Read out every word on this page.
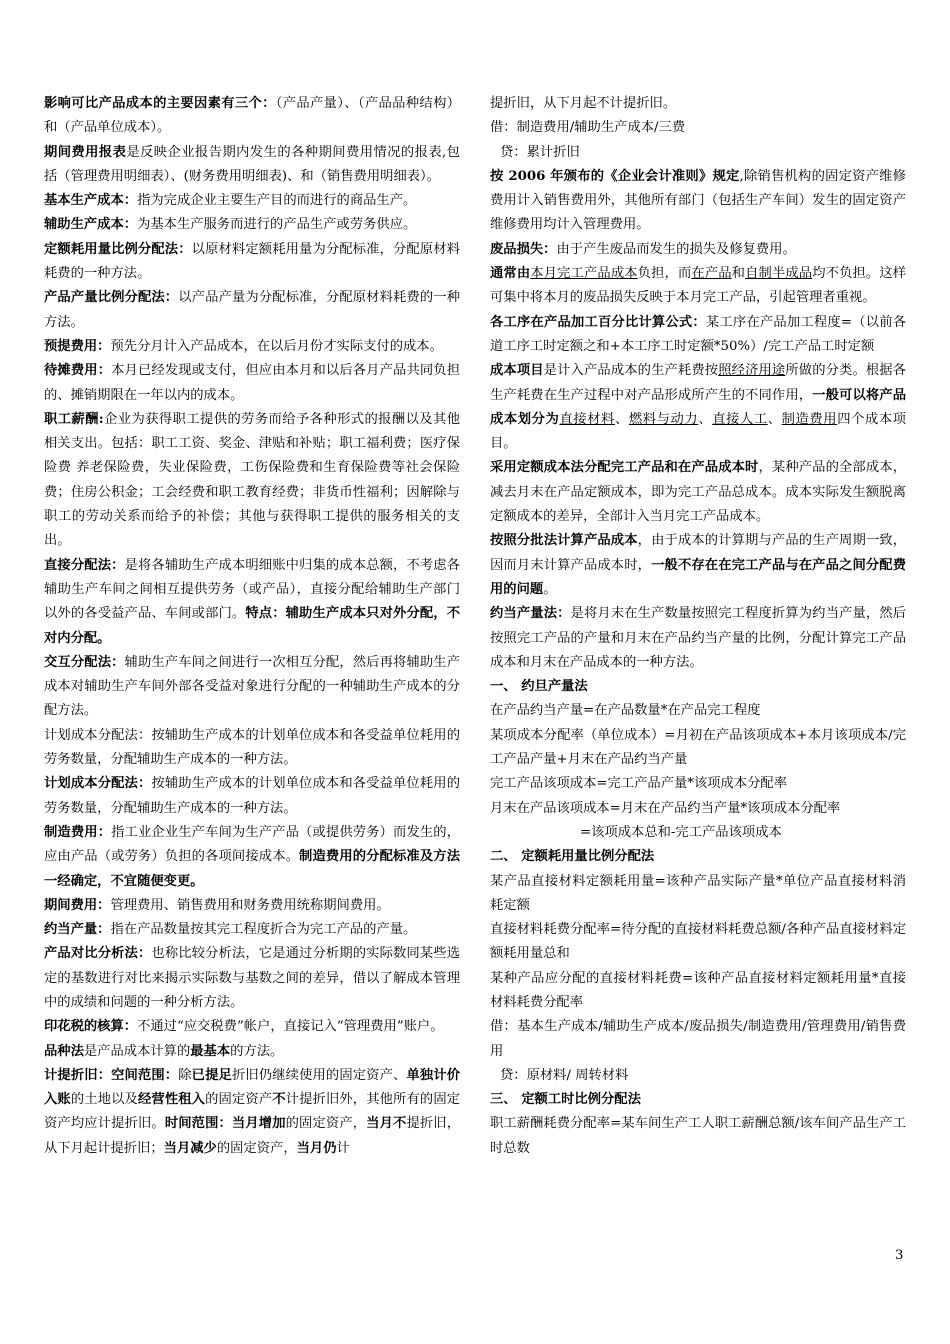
影响可比产品成本的主要因素有三个：（产品产量）、（产品品种结构）和（产品单位成本）。

期间费用报表是反映企业报告期内发生的各种期间费用情况的报表,包括（管理费用明细表）、(财务费用明细表)、和（销售费用明细表）。

基本生产成本：指为完成企业主要生产目的而进行的商品生产。

辅助生产成本：为基本生产服务而进行的产品生产或劳务供应。

定额耗用量比例分配法：以原材料定额耗用量为分配标准，分配原材料耗费的一种方法。

产品产量比例分配法：以产品产量为分配标准，分配原材料耗费的一种方法。

预提费用：预先分月计入产品成本，在以后月份才实际支付的成本。

待摊费用：本月已经发现或支付，但应由本月和以后各月产品共同负担的、摊销期限在一年以内的成本。

职工薪酬:企业为获得职工提供的劳务而给予各种形式的报酬以及其他相关支出。包括：职工工资、奖金、津贴和补贴；职工福利费；医疗保险费 养老保险费，失业保险费，工伤保险费和生育保险费等社会保险费；住房公积金；工会经费和职工教育经费；非货币性福利；因解除与职工的劳动关系而给予的补偿；其他与获得职工提供的服务相关的支出。

直接分配法：是将各辅助生产成本明细账中归集的成本总额，不考虑各辅助生产车间之间相互提供劳务（或产品），直接分配给辅助生产部门以外的各受益产品、车间或部门。特点：辅助生产成本只对外分配，不对内分配。

交互分配法：辅助生产车间之间进行一次相互分配，然后再将辅助生产成本对辅助生产车间外部各受益对象进行分配的一种辅助生产成本的分配方法。

计划成本分配法：按辅助生产成本的计划单位成本和各受益单位耗用的劳务数量，分配辅助生产成本的一种方法。

计划成本分配法：按辅助生产成本的计划单位成本和各受益单位耗用的劳务数量，分配辅助生产成本的一种方法。

制造费用：指工业企业生产车间为生产产品（或提供劳务）而发生的，应由产品（或劳务）负担的各项间接成本。制造费用的分配标准及方法一经确定，不宜随便变更。

期间费用：管理费用、销售费用和财务费用统称期间费用。

约当产量：指在产品数量按其完工程度折合为完工产品的产量。

产品对比分析法：也称比较分析法，它是通过分析期的实际数同某些选定的基数进行对比来揭示实际数与基数之间的差异，借以了解成本管理中的成绩和问题的一种分析方法。

印花税的核算：不通过“应交税费”帐户，直接记入“管理费用”账户。

品种法是产品成本计算的最基本的方法。

计提折旧：空间范围：除已提足折旧仍继续使用的固定资产、单独计价入账的土地以及经营性租入的固定资产不计提折旧外，其他所有的固定资产均应计提折旧。时间范围：当月增加的固定资产，当月不提折旧，从下月起计提折旧；当月减少的固定资产，当月仍计

提折旧，从下月起不计提折旧。

借：制造费用/辅助生产成本/三费

贷：累计折旧

按 2006 年颁布的《企业会计准则》规定,除销售机构的固定资产维修费用计入销售费用外，其他所有部门（包括生产车间）发生的固定资产维修费用均计入管理费用。

废品损失：由于产生废品而发生的损失及修复费用。

通常由本月完工产品成本负担，而在产品和自制半成品均不负担。这样可集中将本月的废品损失反映于本月完工产品，引起管理者重视。

各工序在产品加工百分比计算公式：某工序在产品加工程度=（以前各道工序工时定额之和+本工序工时定额*50%）/完工产品工时定额

成本项目是计入产品成本的生产耗费按照经济用途所做的分类。根据各生产耗费在生产过程中对产品形成所产生的不同作用，一般可以将产品成本划分为直接材料、燃料与动力、直接人工、制造费用四个成本项目。

采用定额成本法分配完工产品和在产品成本时，某种产品的全部成本，减去月末在产品定额成本，即为完工产品总成本。成本实际发生额脱离定额成本的差异，全部计入当月完工产品成本。

按照分批法计算产品成本，由于成本的计算期与产品的生产周期一致，因而月末计算产品成本时，一般不存在在完工产品与在产品之间分配费用的问题。

约当产量法：是将月末在生产数量按照完工程度折算为约当产量，然后按照完工产品的产量和月末在产品约当产量的比例，分配计算完工产品成本和月末在产品成本的一种方法。

一、 约旦产量法

在产品约当产量=在产品数量*在产品完工程度

某项成本分配率（单位成本）=月初在产品该项成本+本月该项成本/完工产品产量+月末在产品约当产量

完工产品该项成本=完工产品产量*该项成本分配率

月末在产品该项成本=月末在产品约当产量*该项成本分配率

=该项成本总和-完工产品该项成本

二、 定额耗用量比例分配法

某产品直接材料定额耗用量=该种产品实际产量*单位产品直接材料消耗定额

直接材料耗费分配率=待分配的直接材料耗费总额/各种产品直接材料定额耗用量总和

某种产品应分配的直接材料耗费=该种产品直接材料定额耗用量*直接材料耗费分配率

借：基本生产成本/辅助生产成本/废品损失/制造费用/管理费用/销售费用

贷：原材料/ 周转材料

三、 定额工时比例分配法

职工薪酬耗费分配率=某车间生产工人职工薪酬总额/该车间产品生产工时总数

3
